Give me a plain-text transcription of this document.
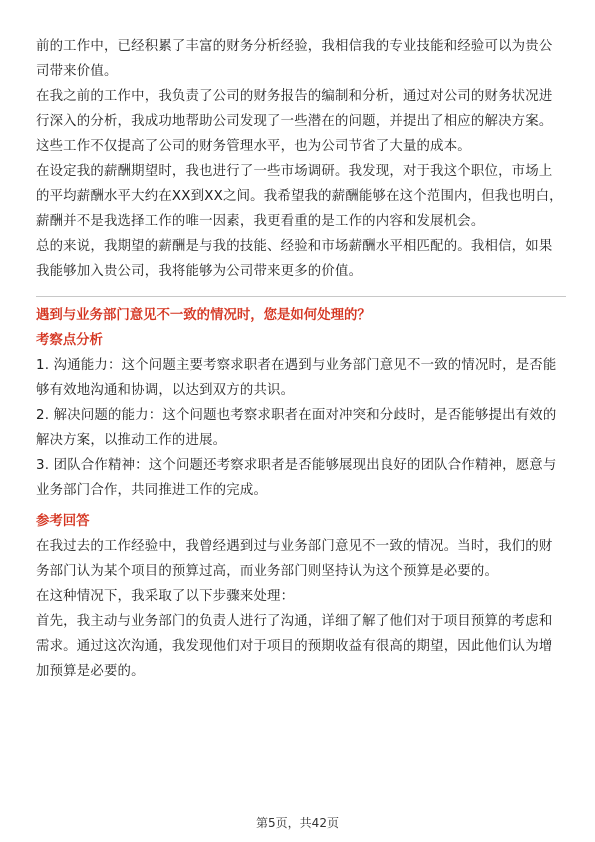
前的工作中，已经积累了丰富的财务分析经验，我相信我的专业技能和经验可以为贵公司带来价值。

在我之前的工作中，我负责了公司的财务报告的编制和分析，通过对公司的财务状况进行深入的分析，我成功地帮助公司发现了一些潜在的问题，并提出了相应的解决方案。这些工作不仅提高了公司的财务管理水平，也为公司节省了大量的成本。

在设定我的薪酬期望时，我也进行了一些市场调研。我发现，对于我这个职位，市场上的平均薪酬水平大约在XX到XX之间。我希望我的薪酬能够在这个范围内，但我也明白，薪酬并不是我选择工作的唯一因素，我更看重的是工作的内容和发展机会。

总的来说，我期望的薪酬是与我的技能、经验和市场薪酬水平相匹配的。我相信，如果我能够加入贵公司，我将能够为公司带来更多的价值。

遇到与业务部门意见不一致的情况时，您是如何处理的？

考察点分析

1. 沟通能力：这个问题主要考察求职者在遇到与业务部门意见不一致的情况时，是否能够有效地沟通和协调，以达到双方的共识。

2. 解决问题的能力：这个问题也考察求职者在面对冲突和分歧时，是否能够提出有效的解决方案，以推动工作的进展。

3. 团队合作精神：这个问题还考察求职者是否能够展现出良好的团队合作精神，愿意与业务部门合作，共同推进工作的完成。

参考回答

在我过去的工作经验中，我曾经遇到过与业务部门意见不一致的情况。当时，我们的财务部门认为某个项目的预算过高，而业务部门则坚持认为这个预算是必要的。

在这种情况下，我采取了以下步骤来处理：

首先，我主动与业务部门的负责人进行了沟通，详细了解了他们对于项目预算的考虑和需求。通过这次沟通，我发现他们对于项目的预期收益有很高的期望，因此他们认为增加预算是必要的。

第5页，共42页
